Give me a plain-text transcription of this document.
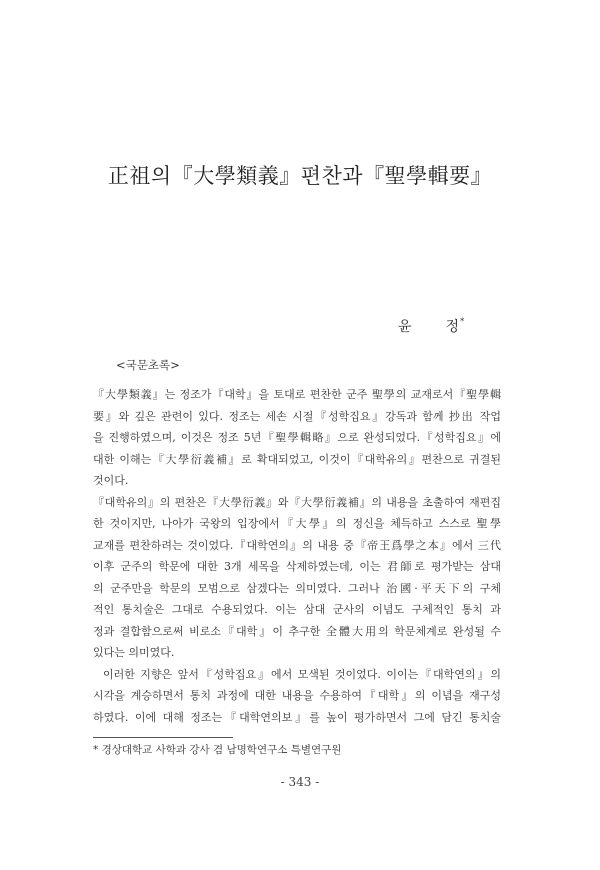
正祖의『大學類義』편찬과『聖學輯要』
윤 정*
<국문초록>
『大學類義』는 정조가『대학』을 토대로 편찬한 군주 聖學의 교재로서『聖學輯
要』와 깊은 관련이 있다. 정조는 세손 시절『성학집요』강독과 함께 抄出 작업
을 진행하였으며, 이것은 정조 5년『聖學輯略』으로 완성되었다.『성학집요』에
대한 이해는『大學衍義補』로 확대되었고, 이것이『대학유의』편찬으로 귀결된
것이다.
『대학유의』의 편찬은『大學衍義』와『大學衍義補』의 내용을 초출하여 재편집
한 것이지만, 나아가 국왕의 입장에서『大學』의 정신을 체득하고 스스로 聖學
교재를 편찬하려는 것이었다.『대학연의』의 내용 중『帝王爲學之本』에서 三代
이후 군주의 학문에 대한 3개 세목을 삭제하였는데, 이는 君師로 평가받는 삼대
의 군주만을 학문의 모범으로 삼겠다는 의미였다. 그러나 治國·平天下의 구체
적인 통치술은 그대로 수용되었다. 이는 삼대 군사의 이념도 구체적인 통치 과
정과 결합함으로써 비로소『대학』이 추구한 全體大用의 학문체계로 완성될 수
있다는 의미였다.
이러한 지향은 앞서『성학집요』에서 모색된 것이었다. 이이는『대학연의』의
시각을 계승하면서 통치 과정에 대한 내용을 수용하여『대학』의 이념을 재구성
하였다. 이에 대해 정조는『대학연의보』를 높이 평가하면서 그에 담긴 통치술
* 경상대학교 사학과 강사 겸 남명학연구소 특별연구원
- 343 -
